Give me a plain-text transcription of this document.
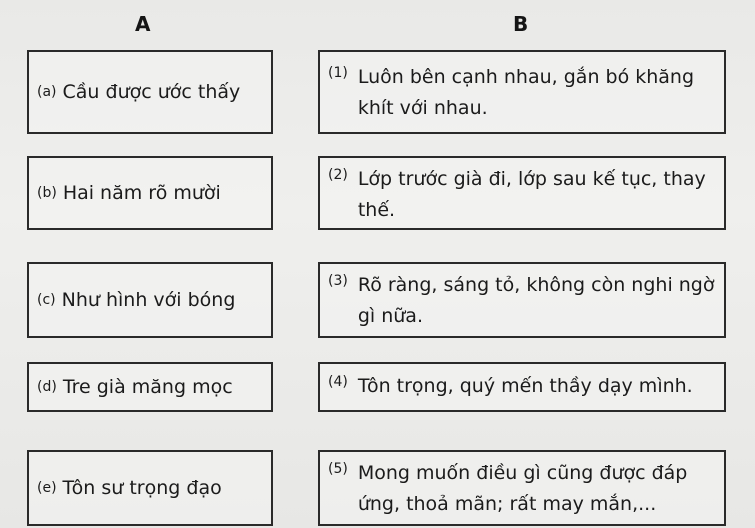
A	B
(a) Cầu được ước thấy
(b) Hai năm rõ mười
(c) Như hình với bóng
(d) Tre già măng mọc
(e) Tôn sư trọng đạo
(1) Luôn bên cạnh nhau, gắn bó khăng khít với nhau.
(2) Lớp trước già đi, lớp sau kế tục, thay thế.
(3) Rõ ràng, sáng tỏ, không còn nghi ngờ gì nữa.
(4) Tôn trọng, quý mến thầy dạy mình.
(5) Mong muốn điều gì cũng được đáp ứng, thoả mãn; rất may mắn,...
